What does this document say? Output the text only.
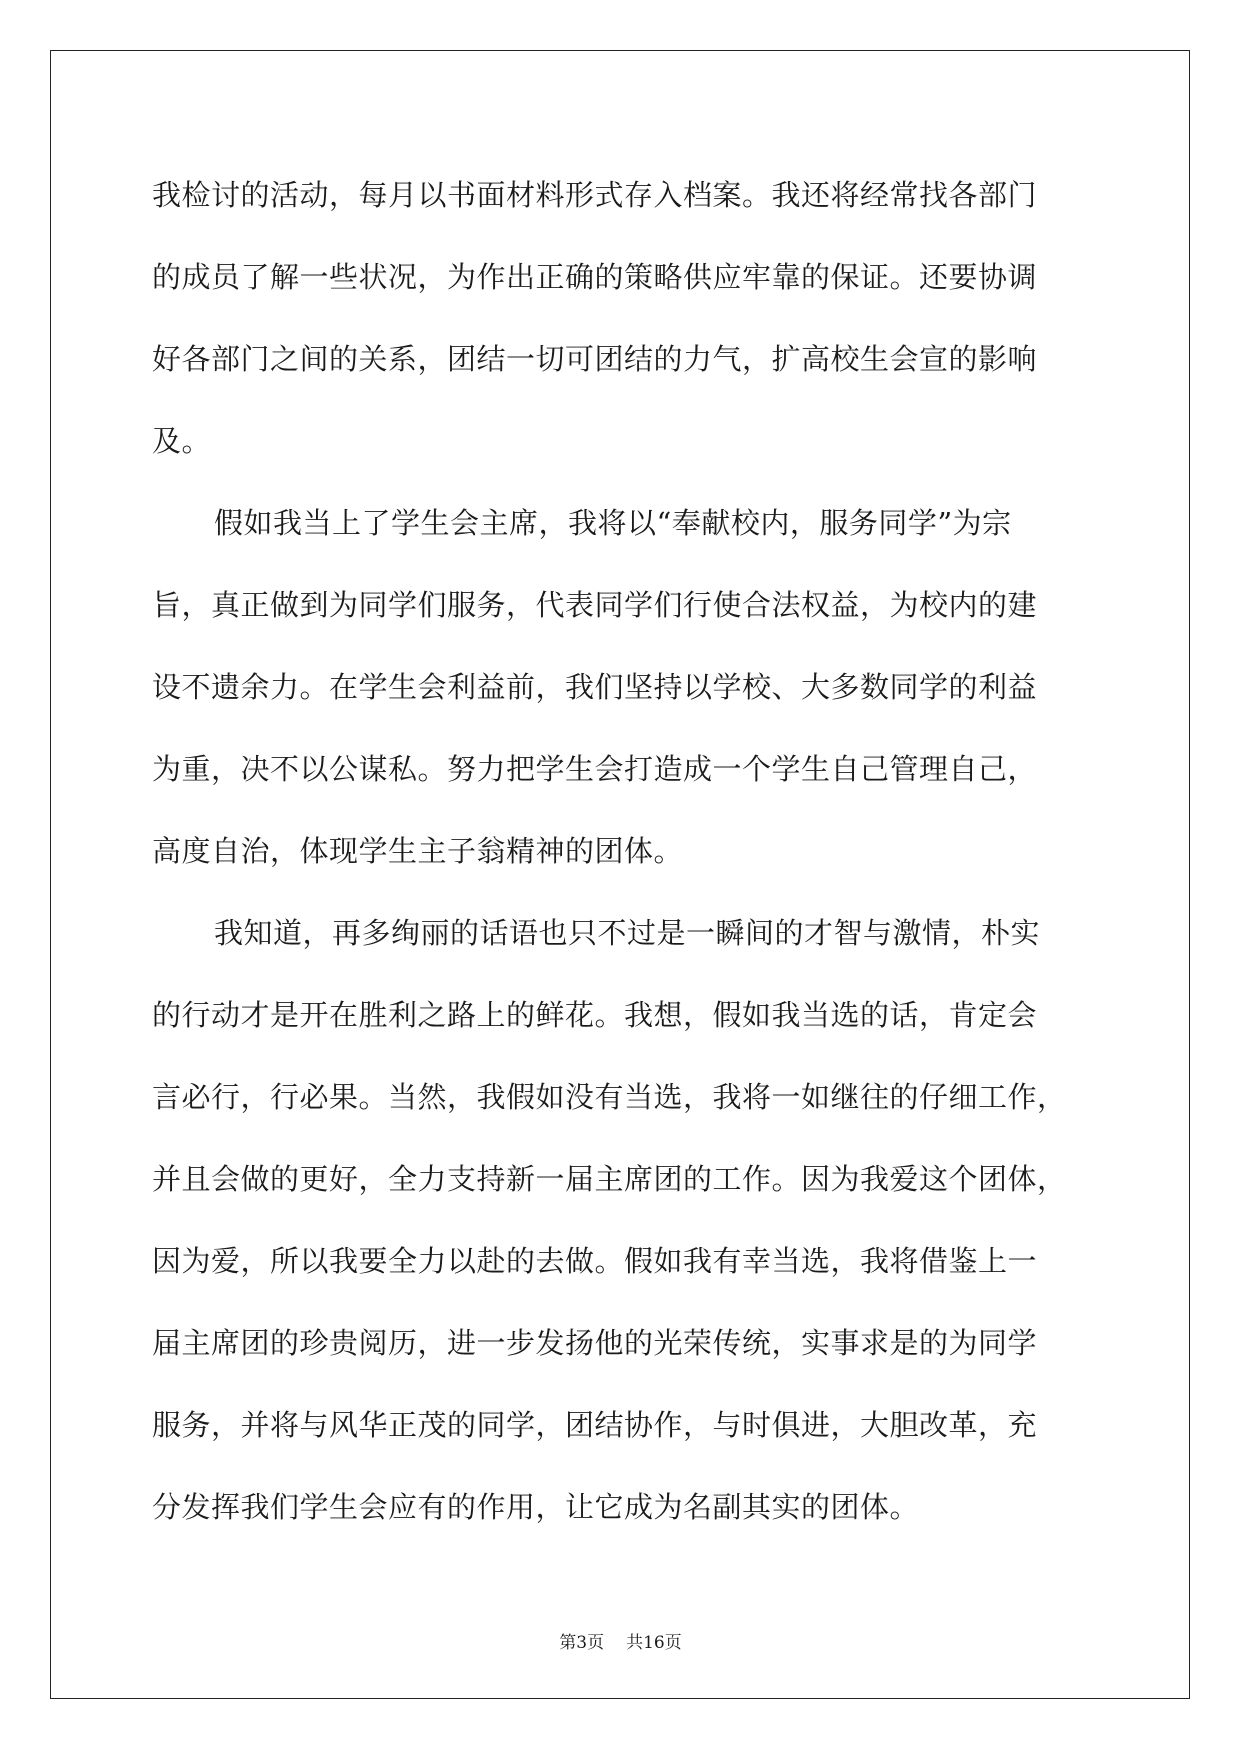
我检讨的活动，每月以书面材料形式存入档案。我还将经常找各部门
的成员了解一些状况，为作出正确的策略供应牢靠的保证。还要协调
好各部门之间的关系，团结一切可团结的力气，扩高校生会宣的影响
及。
假如我当上了学生会主席，我将以“奉献校内，服务同学”为宗
旨，真正做到为同学们服务，代表同学们行使合法权益，为校内的建
设不遗余力。在学生会利益前，我们坚持以学校、大多数同学的利益
为重，决不以公谋私。努力把学生会打造成一个学生自己管理自己，
高度自治，体现学生主子翁精神的团体。
我知道，再多绚丽的话语也只不过是一瞬间的才智与激情，朴实
的行动才是开在胜利之路上的鲜花。我想，假如我当选的话，肯定会
言必行，行必果。当然，我假如没有当选，我将一如继往的仔细工作，
并且会做的更好，全力支持新一届主席团的工作。因为我爱这个团体，
因为爱，所以我要全力以赴的去做。假如我有幸当选，我将借鉴上一
届主席团的珍贵阅历，进一步发扬他的光荣传统，实事求是的为同学
服务，并将与风华正茂的同学，团结协作，与时俱进，大胆改革，充
分发挥我们学生会应有的作用，让它成为名副其实的团体。
第3页 共16页
